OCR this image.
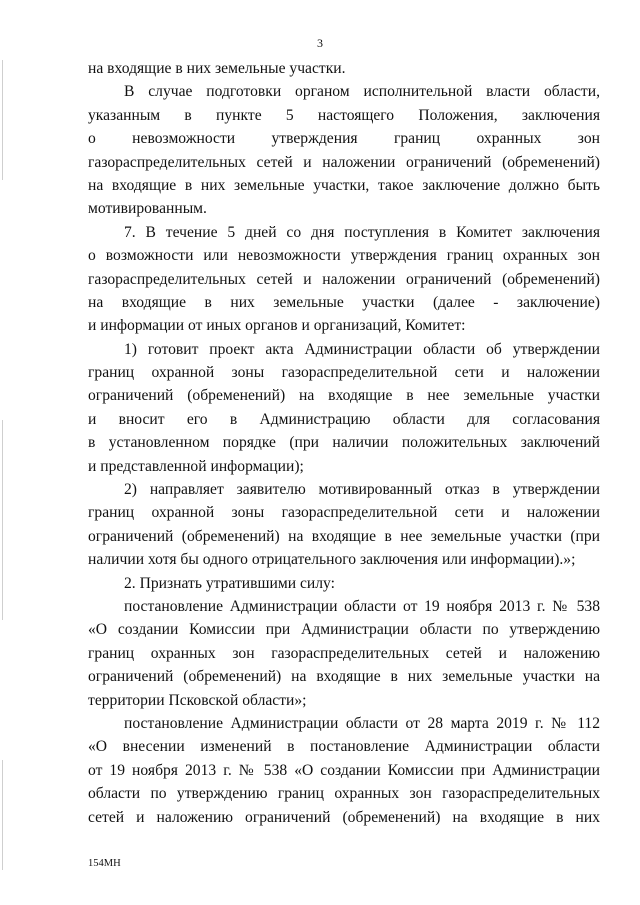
3
на входящие в них земельные участки.
В случае подготовки органом исполнительной власти области,
указанным в пункте 5 настоящего Положения, заключения
о невозможности утверждения границ охранных зон
газораспределительных сетей и наложении ограничений (обременений)
на входящие в них земельные участки, такое заключение должно быть
мотивированным.
7. В течение 5 дней со дня поступления в Комитет заключения
о возможности или невозможности утверждения границ охранных зон
газораспределительных сетей и наложении ограничений (обременений)
на входящие в них земельные участки (далее - заключение)
и информации от иных органов и организаций, Комитет:
1) готовит проект акта Администрации области об утверждении
границ охранной зоны газораспределительной сети и наложении
ограничений (обременений) на входящие в нее земельные участки
и вносит его в Администрацию области для согласования
в установленном порядке (при наличии положительных заключений
и представленной информации);
2) направляет заявителю мотивированный отказ в утверждении
границ охранной зоны газораспределительной сети и наложении
ограничений (обременений) на входящие в нее земельные участки (при
наличии хотя бы одного отрицательного заключения или информации).»;
2. Признать утратившими силу:
постановление Администрации области от 19 ноября 2013 г. № 538
«О создании Комиссии при Администрации области по утверждению
границ охранных зон газораспределительных сетей и наложению
ограничений (обременений) на входящие в них земельные участки на
территории Псковской области»;
постановление Администрации области от 28 марта 2019 г. № 112
«О внесении изменений в постановление Администрации области
от 19 ноября 2013 г. № 538 «О создании Комиссии при Администрации
области по утверждению границ охранных зон газораспределительных
сетей и наложению ограничений (обременений) на входящие в них
154МН
